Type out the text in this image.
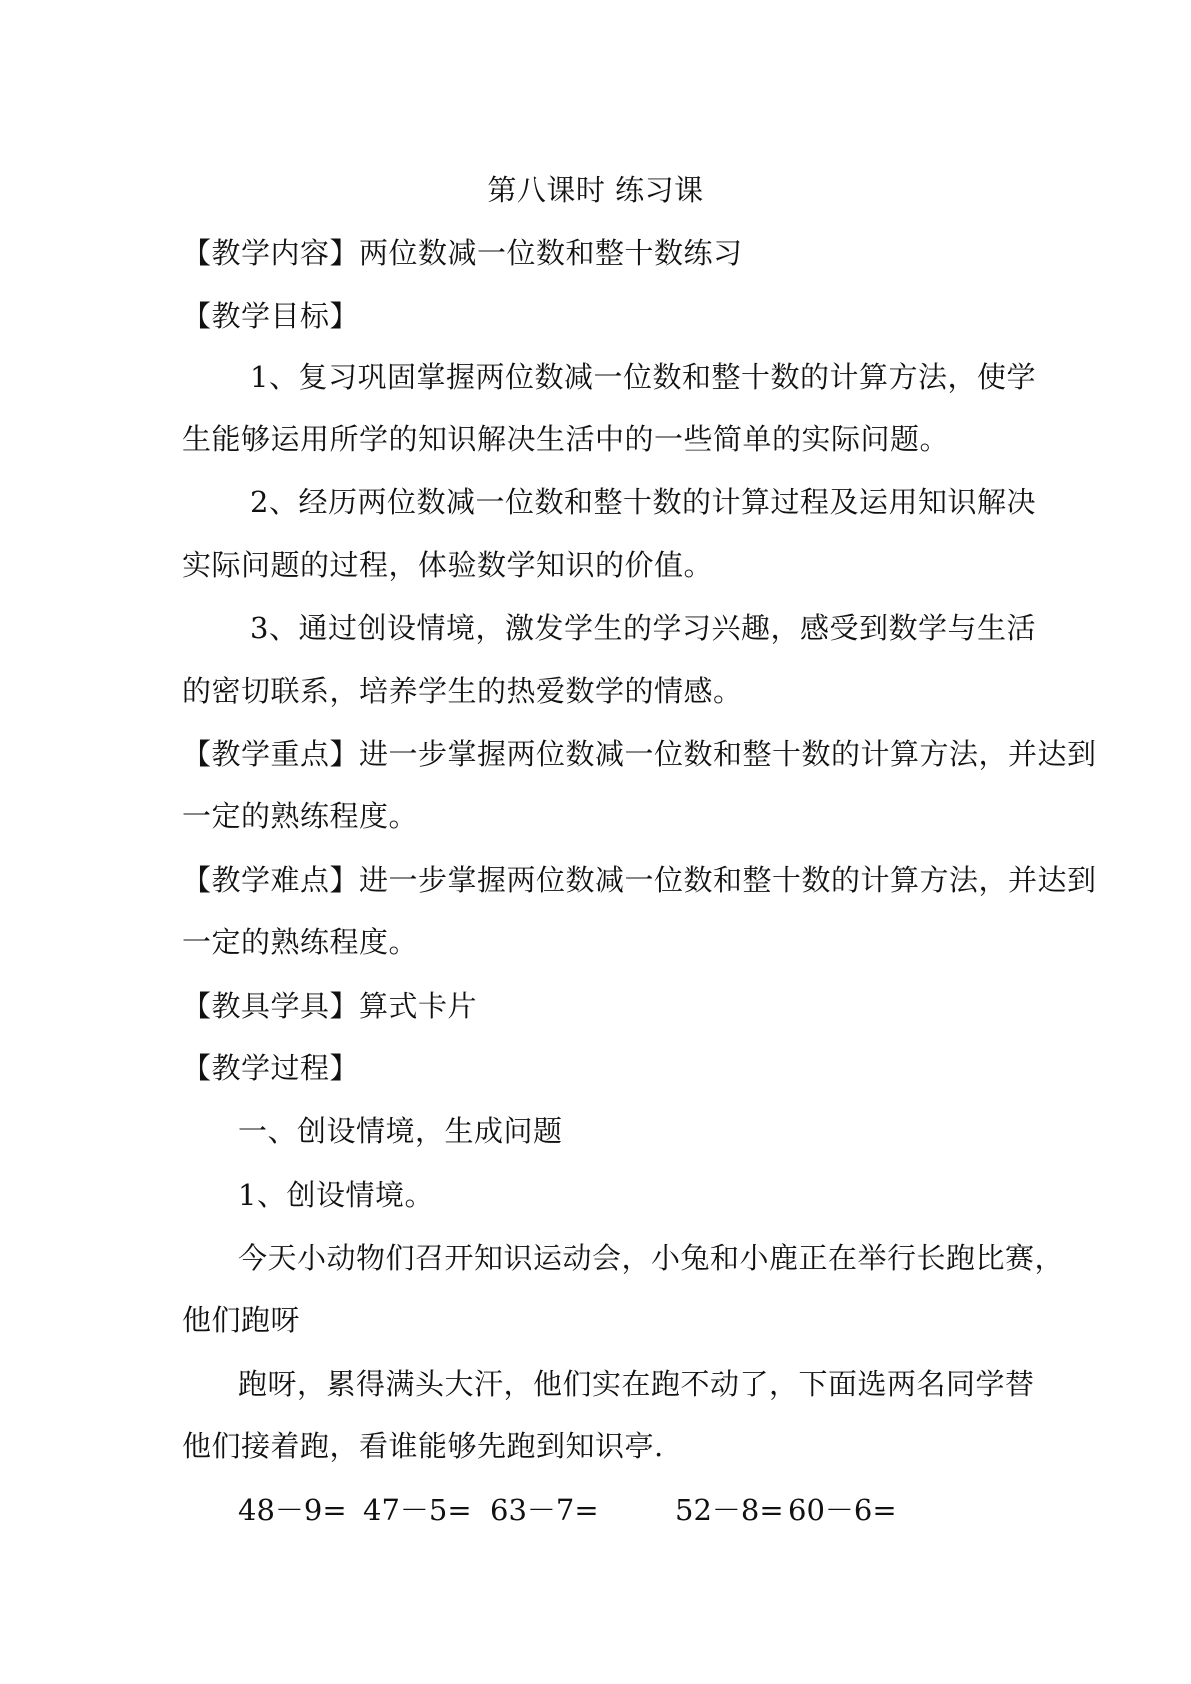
第八课时 练习课
【教学内容】两位数减一位数和整十数练习
【教学目标】
1、复习巩固掌握两位数减一位数和整十数的计算方法，使学
生能够运用所学的知识解决生活中的一些简单的实际问题。
2、经历两位数减一位数和整十数的计算过程及运用知识解决
实际问题的过程，体验数学知识的价值。
3、通过创设情境，激发学生的学习兴趣，感受到数学与生活
的密切联系，培养学生的热爱数学的情感。
【教学重点】进一步掌握两位数减一位数和整十数的计算方法，并达到
一定的熟练程度。
【教学难点】进一步掌握两位数减一位数和整十数的计算方法，并达到
一定的熟练程度。
【教具学具】算式卡片
【教学过程】
一、创设情境，生成问题
1、创设情境。
今天小动物们召开知识运动会，小兔和小鹿正在举行长跑比赛，
他们跑呀
跑呀，累得满头大汗，他们实在跑不动了，下面选两名同学替
他们接着跑，看谁能够先跑到知识亭.
48－9= 47－5= 63－7=	52－8= 60－6=
